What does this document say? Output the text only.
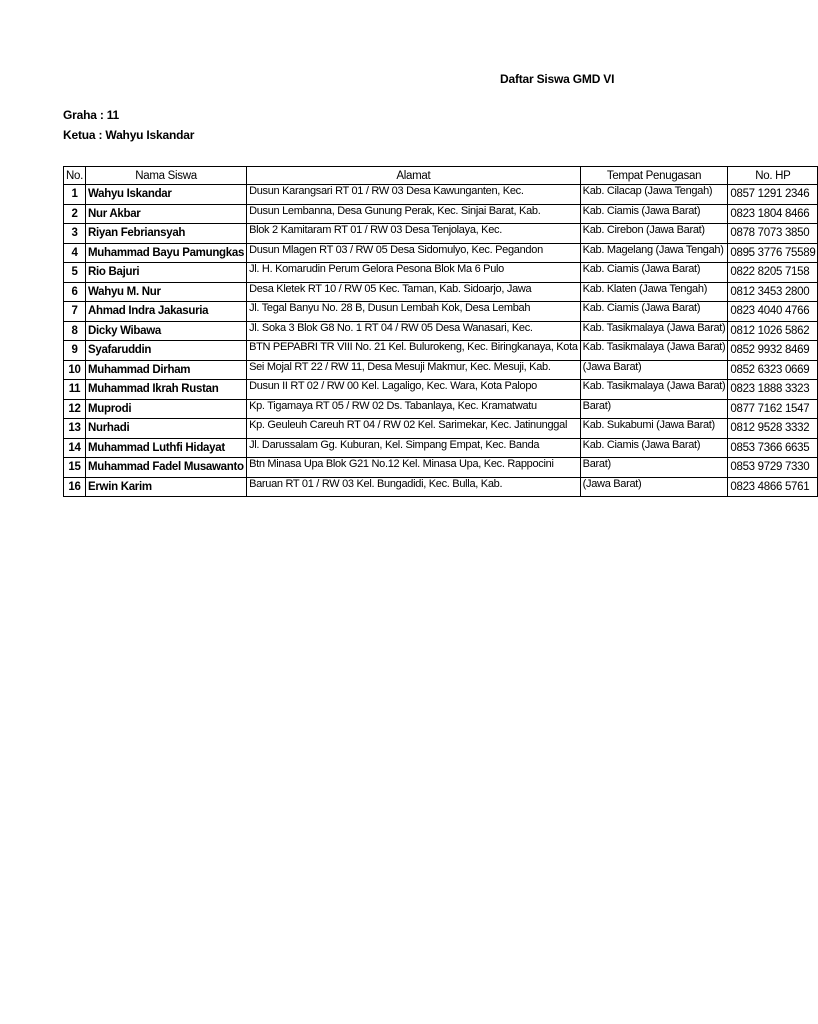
Daftar Siswa GMD VI
Graha : 11
Ketua : Wahyu Iskandar
No.	Nama Siswa	Alamat	Tempat Penugasan	No. HP
1	Wahyu Iskandar	Dusun Karangsari RT 01 / RW 03 Desa Kawunganten, Kec.	Kab. Cilacap (Jawa Tengah)	0857 1291 2346
2	Nur Akbar	Dusun Lembanna, Desa Gunung Perak, Kec. Sinjai Barat, Kab.	Kab. Ciamis (Jawa Barat)	0823 1804 8466
3	Riyan Febriansyah	Blok 2 Kamitaram RT 01 / RW 03 Desa Tenjolaya, Kec.	Kab. Cirebon (Jawa Barat)	0878 7073 3850
4	Muhammad Bayu Pamungkas	Dusun Mlagen RT 03 / RW 05 Desa Sidomulyo, Kec. Pegandon	Kab. Magelang (Jawa Tengah)	0895 3776 75589
5	Rio Bajuri	Jl. H. Komarudin Perum Gelora Pesona Blok Ma 6 Pulo	Kab. Ciamis (Jawa Barat)	0822 8205 7158
6	Wahyu M. Nur	Desa Kletek RT 10 / RW 05 Kec. Taman, Kab. Sidoarjo, Jawa	Kab. Klaten (Jawa Tengah)	0812 3453 2800
7	Ahmad Indra Jakasuria	Jl. Tegal Banyu No. 28 B, Dusun Lembah Kok, Desa Lembah	Kab. Ciamis (Jawa Barat)	0823 4040 4766
8	Dicky Wibawa	Jl. Soka 3 Blok G8 No. 1 RT 04 / RW 05 Desa Wanasari, Kec.	Kab. Tasikmalaya (Jawa Barat)	0812 1026 5862
9	Syafaruddin	BTN PEPABRI TR VIII No. 21 Kel. Bulurokeng, Kec. Biringkanaya, Kota	Kab. Tasikmalaya (Jawa Barat)	0852 9932 8469
10	Muhammad Dirham	Sei Mojal RT 22 / RW 11, Desa Mesuji Makmur, Kec. Mesuji, Kab.	(Jawa Barat)	0852 6323 0669
11	Muhammad Ikrah Rustan	Dusun II RT 02 / RW 00 Kel. Lagaligo, Kec. Wara, Kota Palopo	Kab. Tasikmalaya (Jawa Barat)	0823 1888 3323
12	Muprodi	Kp. Tigamaya RT 05 / RW 02 Ds. Tabanlaya, Kec. Kramatwatu	Barat)	0877 7162 1547
13	Nurhadi	Kp. Geuleuh Careuh RT 04 / RW 02 Kel. Sarimekar, Kec. Jatinunggal	Kab. Sukabumi (Jawa Barat)	0812 9528 3332
14	Muhammad Luthfi Hidayat	Jl. Darussalam Gg. Kuburan, Kel. Simpang Empat, Kec. Banda	Kab. Ciamis (Jawa Barat)	0853 7366 6635
15	Muhammad Fadel Musawanto	Btn Minasa Upa Blok G21 No.12 Kel. Minasa Upa, Kec. Rappocini	Barat)	0853 9729 7330
16	Erwin Karim	Baruan RT 01 / RW 03 Kel. Bungadidi, Kec. Bulla, Kab.	(Jawa Barat)	0823 4866 5761
